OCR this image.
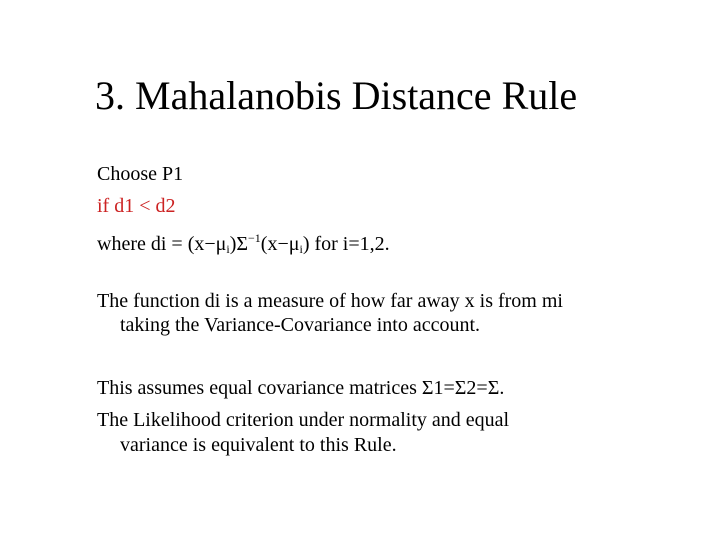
3. Mahalanobis Distance Rule
Choose P1
if d1 < d2
where di = $(x-\mu_i)\Sigma^{-1}(x-\mu_i)$ for i=1,2.
The function di is a measure of how far away x is from mi
taking the Variance-Covariance into account.
This assumes equal covariance matrices Σ1=Σ2=Σ.
The Likelihood criterion under normality and equal
variance is equivalent to this Rule.
